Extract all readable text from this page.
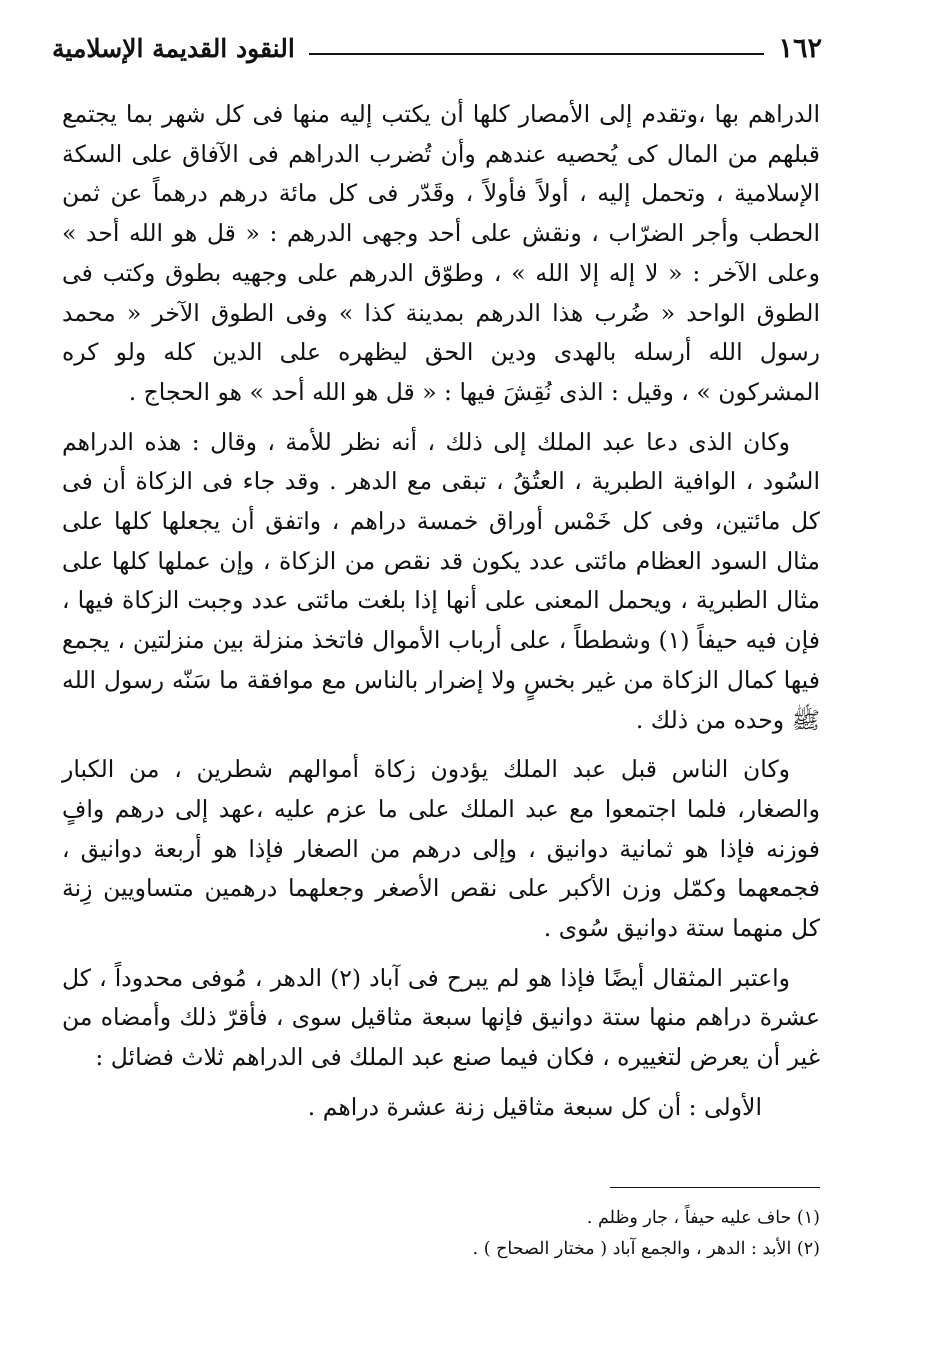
١٦٢
النقود القديمة الإسلامية

الدراهم بها ،وتقدم إلى الأمصار كلها أن يكتب إليه منها فى كل شهر بما يجتمع قبلهم من المال كى يُحصيه عندهم وأن تُضرب الدراهم فى الآفاق على السكة الإسلامية ، وتحمل إليه ، أولاً فأولاً ، وقَدّر فى كل مائة درهم درهماً عن ثمن الحطب وأجر الضرّاب ، ونقش على أحد وجهى الدرهم : « قل هو الله أحد » وعلى الآخر : « لا إله إلا الله » ، وطوّق الدرهم على وجهيه بطوق وكتب فى الطوق الواحد « ضُرب هذا الدرهم بمدينة كذا » وفى الطوق الآخر « محمد رسول الله أرسله بالهدى ودين الحق ليظهره على الدين كله ولو كره المشركون » ، وقيل : الذى نُقِشَ فيها : « قل هو الله أحد » هو الحجاج .

وكان الذى دعا عبد الملك إلى ذلك ، أنه نظر للأمة ، وقال : هذه الدراهم السُود ، الوافية الطبرية ، العتُقُ ، تبقى مع الدهر . وقد جاء فى الزكاة أن فى كل مائتين، وفى كل خَمْس أوراق خمسة دراهم ، واتفق أن يجعلها كلها على مثال السود العظام مائتى عدد يكون قد نقص من الزكاة ، وإن عملها كلها على مثال الطبرية ، ويحمل المعنى على أنها إذا بلغت مائتى عدد وجبت الزكاة فيها ، فإن فيه حيفاً (١) وشططاً ، على أرباب الأموال فاتخذ منزلة بين منزلتين ، يجمع فيها كمال الزكاة من غير بخسٍ ولا إضرار بالناس مع موافقة ما سَنّه رسول الله ﷺ وحده من ذلك .

وكان الناس قبل عبد الملك يؤدون زكاة أموالهم شطرين ، من الكبار والصغار، فلما اجتمعوا مع عبد الملك على ما عزم عليه ،عهد إلى درهم وافٍ فوزنه فإذا هو ثمانية دوانيق ، وإلى درهم من الصغار فإذا هو أربعة دوانيق ، فجمعهما وكمّل وزن الأكبر على نقص الأصغر وجعلهما درهمين متساويين زِنة كل منهما ستة دوانيق سُوى .

واعتبر المثقال أيضًا فإذا هو لم يبرح فى آباد (٢) الدهر ، مُوفى محدوداً ، كل عشرة دراهم منها ستة دوانيق فإنها سبعة مثاقيل سوى ، فأقرّ ذلك وأمضاه من غير أن يعرض لتغييره ، فكان فيما صنع عبد الملك فى الدراهم ثلاث فضائل :

الأولى : أن كل سبعة مثاقيل زنة عشرة دراهم .

(١) حاف عليه حيفاً ، جار وظلم .

(٢) الأبد : الدهر ، والجمع آباد ( مختار الصحاح ) .
